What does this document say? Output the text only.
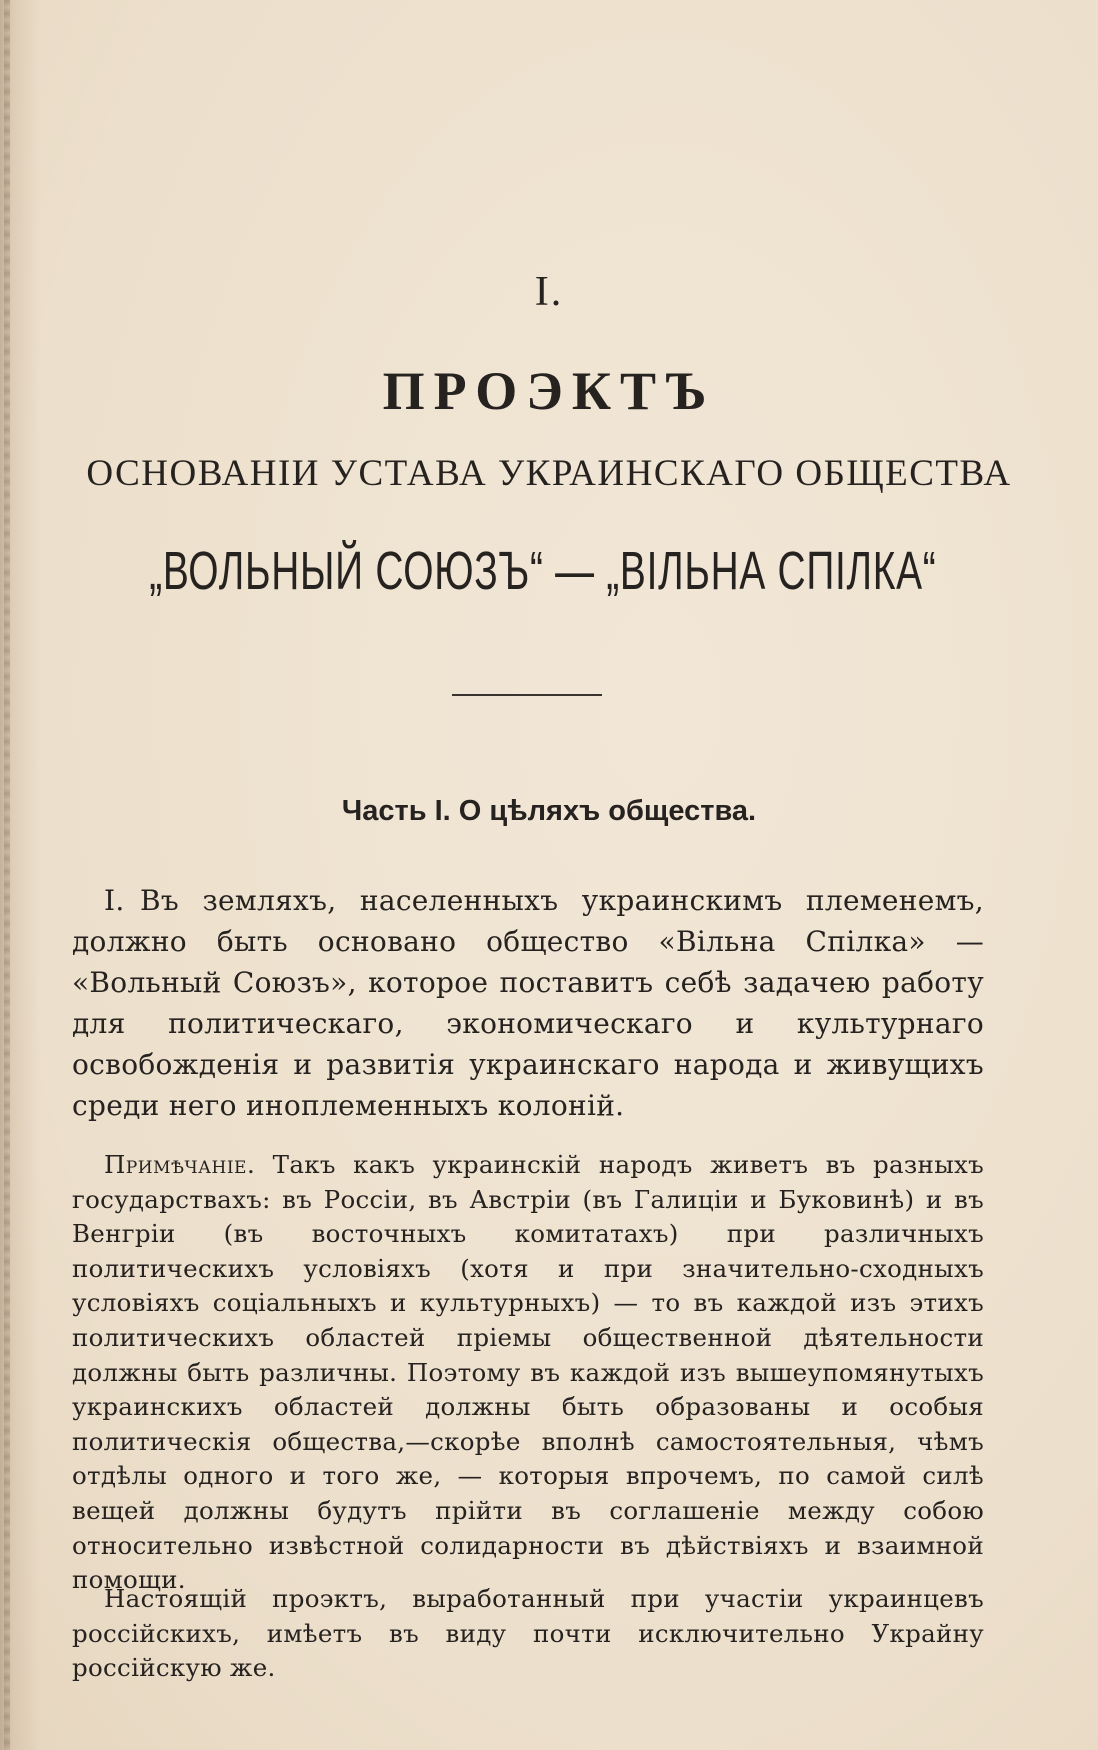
I.
ПРОЭКТЪ
ОСНОВАНІИ УСТАВА УКРАИНСКАГО ОБЩЕСТВА
„ВОЛЬНЫЙ СОЮЗЪ“ — „ВІЛЬНА СПІЛКА“
Часть I. О цѣляхъ общества.

I. Въ земляхъ, населенныхъ украинскимъ племенемъ, должно быть основано общество «Вільна Спілка» — «Вольный Союзъ», которое поставитъ себѣ задачею работу для политическаго, экономическаго и культурнаго освобожденія и развитія украинскаго народа и живущихъ среди него иноплеменныхъ колоній.

Примѣчаніе. Такъ какъ украинскій народъ живетъ въ разныхъ государствахъ: въ Россіи, въ Австріи (въ Галиціи и Буковинѣ) и въ Венгріи (въ восточныхъ комитатахъ) при различныхъ политическихъ условіяхъ (хотя и при значительно-сходныхъ условіяхъ соціальныхъ и культурныхъ) — то въ каждой изъ этихъ политическихъ областей пріемы общественной дѣятельности должны быть различны. Поэтому въ каждой изъ вышеупомянутыхъ украинскихъ областей должны быть образованы и особыя политическія общества,—скорѣе вполнѣ самостоятельныя, чѣмъ отдѣлы одного и того же, — которыя впрочемъ, по самой силѣ вещей должны будутъ прійти въ соглашеніе между собою относительно извѣстной солидарности въ дѣйствіяхъ и взаимной помощи.

Настоящій проэктъ, выработанный при участіи украинцевъ россійскихъ, имѣетъ въ виду почти исключительно Украйну россійскую же.
